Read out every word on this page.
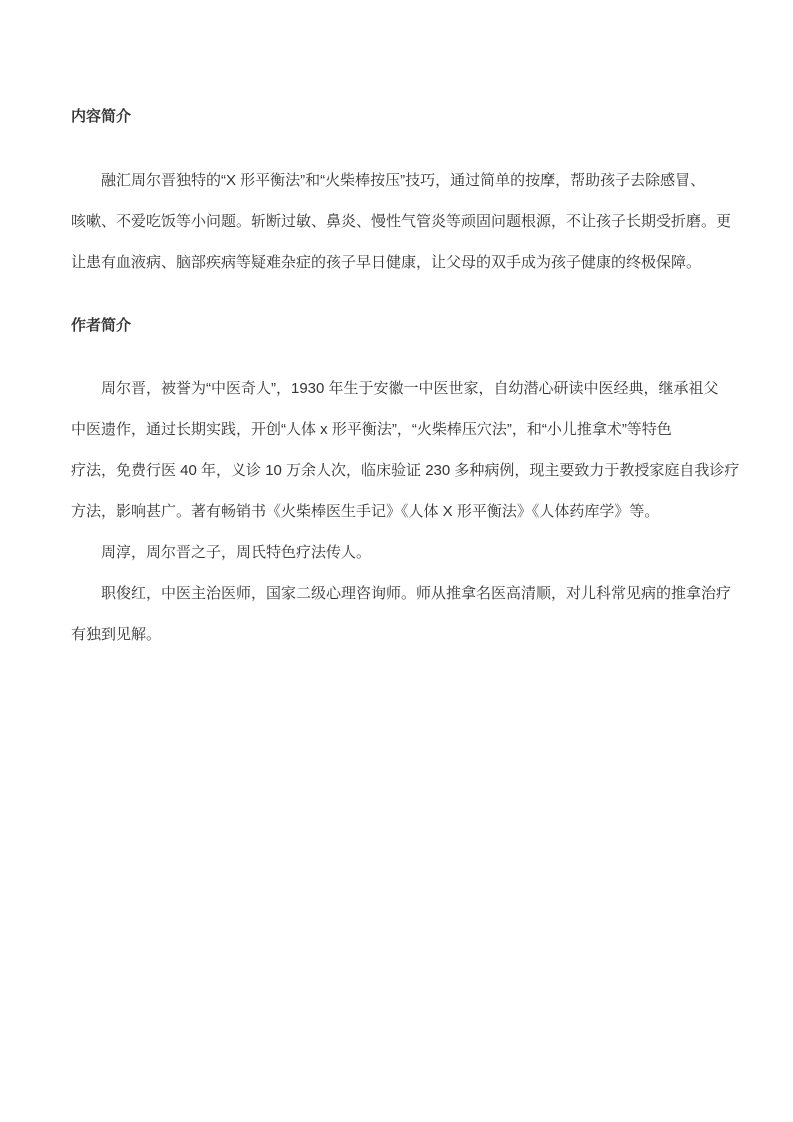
内容简介
融汇周尔晋独特的“X 形平衡法”和“火柴棒按压”技巧，通过简单的按摩，帮助孩子去除感冒、
咳嗽、不爱吃饭等小问题。斩断过敏、鼻炎、慢性气管炎等顽固问题根源，不让孩子长期受折磨。更
让患有血液病、脑部疾病等疑难杂症的孩子早日健康，让父母的双手成为孩子健康的终极保障。
作者简介
周尔晋，被誉为“中医奇人”，1930 年生于安徽一中医世家，自幼潜心研读中医经典，继承祖父
中医遗作，通过长期实践，开创“人体 x 形平衡法”，“火柴棒压穴法”，和“小儿推拿术”等特色
疗法，免费行医 40 年，义诊 10 万余人次，临床验证 230 多种病例，现主要致力于教授家庭自我诊疗
方法，影响甚广。著有畅销书《火柴棒医生手记》《人体 X 形平衡法》《人体药库学》等。
周淳，周尔晋之子，周氏特色疗法传人。
职俊红，中医主治医师，国家二级心理咨询师。师从推拿名医高清顺，对儿科常见病的推拿治疗
有独到见解。
